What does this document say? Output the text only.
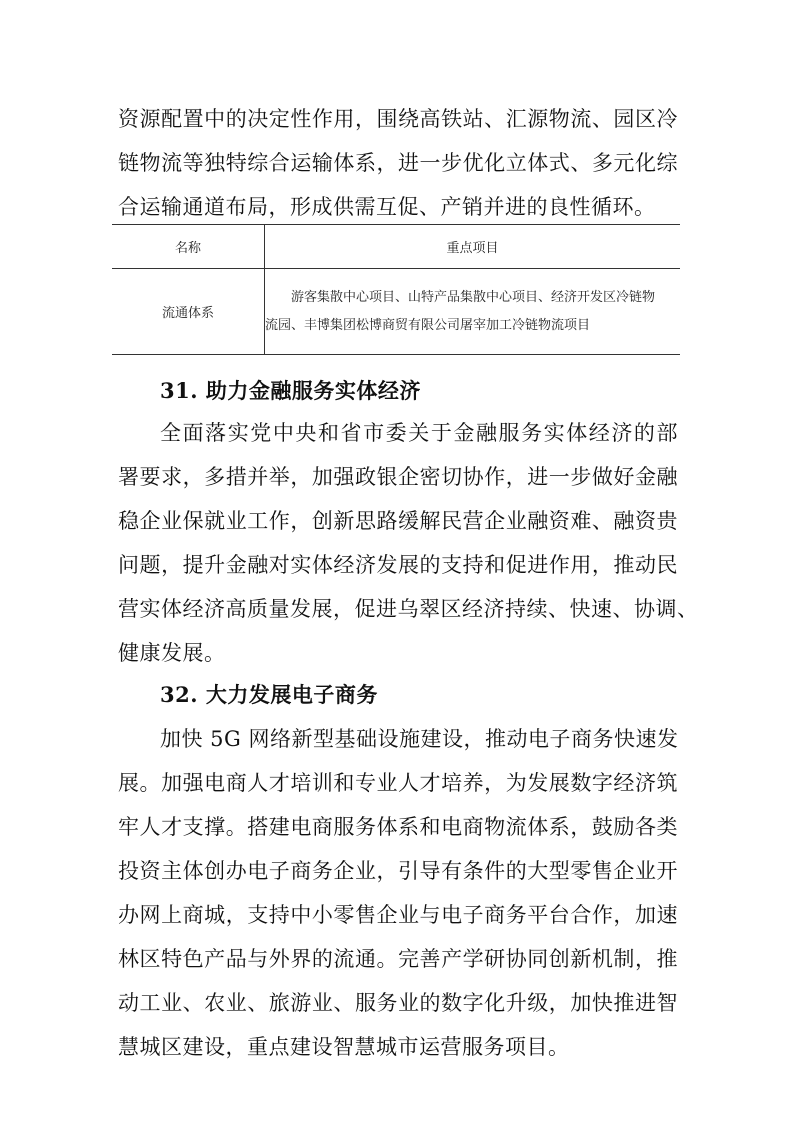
资源配置中的决定性作用，围绕高铁站、汇源物流、园区冷
链物流等独特综合运输体系，进一步优化立体式、多元化综
合运输通道布局，形成供需互促、产销并进的良性循环。
名称	重点项目
流通体系	游客集散中心项目、山特产品集散中心项目、经济开发区冷链物
流园、丰博集团松博商贸有限公司屠宰加工冷链物流项目
31. 助力金融服务实体经济
全面落实党中央和省市委关于金融服务实体经济的部
署要求，多措并举，加强政银企密切协作，进一步做好金融
稳企业保就业工作，创新思路缓解民营企业融资难、融资贵
问题，提升金融对实体经济发展的支持和促进作用，推动民
营实体经济高质量发展，促进乌翠区经济持续、快速、协调、
健康发展。
32. 大力发展电子商务
加快 5G 网络新型基础设施建设，推动电子商务快速发
展。加强电商人才培训和专业人才培养，为发展数字经济筑
牢人才支撑。搭建电商服务体系和电商物流体系，鼓励各类
投资主体创办电子商务企业，引导有条件的大型零售企业开
办网上商城，支持中小零售企业与电子商务平台合作，加速
林区特色产品与外界的流通。完善产学研协同创新机制，推
动工业、农业、旅游业、服务业的数字化升级，加快推进智
慧城区建设，重点建设智慧城市运营服务项目。
